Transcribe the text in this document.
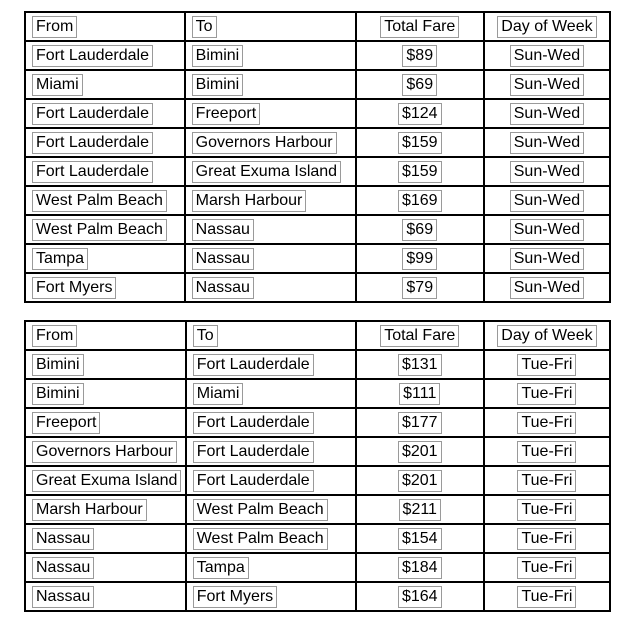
From	To	Total Fare	Day of Week

Fort Lauderdale	Bimini	$89	Sun-Wed

Miami	Bimini	$69	Sun-Wed

Fort Lauderdale	Freeport	$124	Sun-Wed

Fort Lauderdale	Governors Harbour	$159	Sun-Wed

Fort Lauderdale	Great Exuma Island	$159	Sun-Wed

West Palm Beach	Marsh Harbour	$169	Sun-Wed

West Palm Beach	Nassau	$69	Sun-Wed

Tampa	Nassau	$99	Sun-Wed

Fort Myers	Nassau	$79	Sun-Wed
From	To	Total Fare	Day of Week

Bimini	Fort Lauderdale	$131	Tue-Fri

Bimini	Miami	$111	Tue-Fri

Freeport	Fort Lauderdale	$177	Tue-Fri

Governors Harbour	Fort Lauderdale	$201	Tue-Fri

Great Exuma Island	Fort Lauderdale	$201	Tue-Fri

Marsh Harbour	West Palm Beach	$211	Tue-Fri

Nassau	West Palm Beach	$154	Tue-Fri

Nassau	Tampa	$184	Tue-Fri

Nassau	Fort Myers	$164	Tue-Fri
